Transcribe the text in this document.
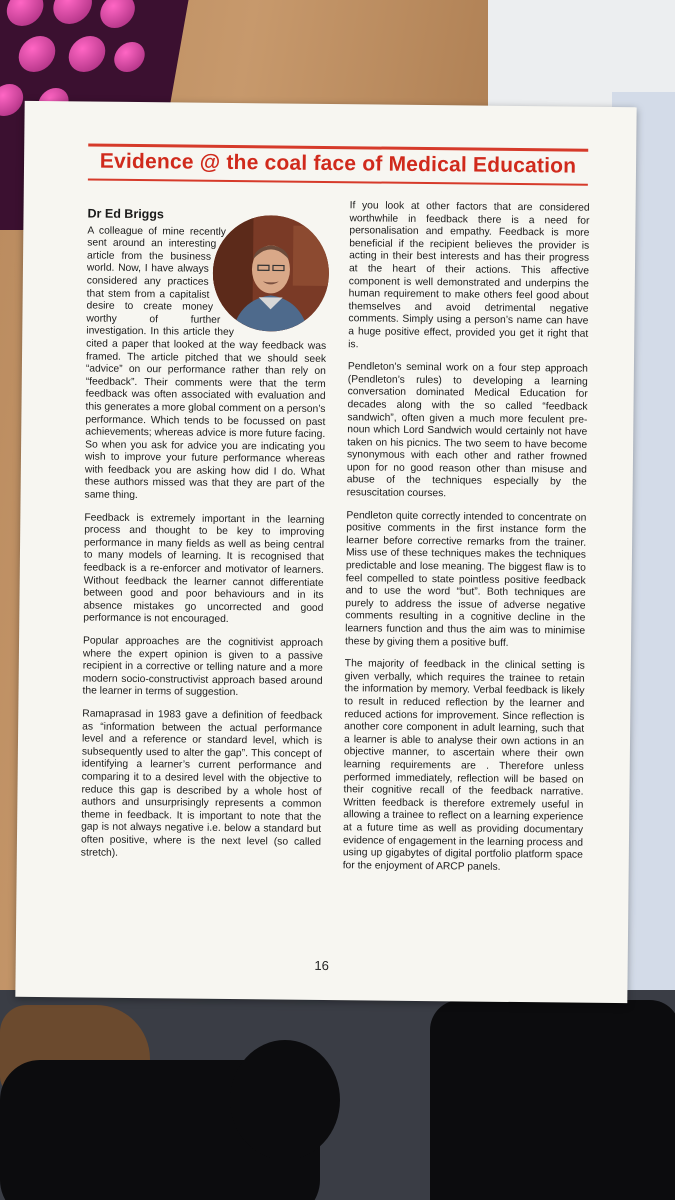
Evidence @ the coal face of Medical Education
Dr Ed Briggs

A colleague of mine recently sent around an interesting article from the business world. Now, I have always considered any practices that stem from a capitalist desire to create money worthy of further investigation. In this article they cited a paper that looked at the way feedback was framed. The article pitched that we should seek “advice” on our performance rather than rely on “feedback”. Their comments were that the term feedback was often associated with evaluation and this generates a more global comment on a person’s performance. Which tends to be focussed on past achievements; whereas advice is more future facing. So when you ask for advice you are indicating you wish to improve your future performance whereas with feedback you are asking how did I do. What these authors missed was that they are part of the same thing.

Feedback is extremely important in the learning process and thought to be key to improving performance in many fields as well as being central to many models of learning. It is recognised that feedback is a re-enforcer and motivator of learners. Without feedback the learner cannot differentiate between good and poor behaviours and in its absence mistakes go uncorrected and good performance is not encouraged.

Popular approaches are the cognitivist approach where the expert opinion is given to a passive recipient in a corrective or telling nature and a more modern socio-constructivist approach based around the learner in terms of suggestion.

Ramaprasad in 1983 gave a definition of feedback as “information between the actual performance level and a reference or standard level, which is subsequently used to alter the gap”. This concept of identifying a learner’s current performance and comparing it to a desired level with the objective to reduce this gap is described by a whole host of authors and unsurprisingly represents a common theme in feedback. It is important to note that the gap is not always negative i.e. below a standard but often positive, where is the next level (so called stretch).

If you look at other factors that are considered worthwhile in feedback there is a need for personalisation and empathy. Feedback is more beneficial if the recipient believes the provider is acting in their best interests and has their progress at the heart of their actions. This affective component is well demonstrated and underpins the human requirement to make others feel good about themselves and avoid detrimental negative comments. Simply using a person’s name can have a huge positive effect, provided you get it right that is.

Pendleton’s seminal work on a four step approach (Pendleton’s rules) to developing a learning conversation dominated Medical Education for decades along with the so called “feedback sandwich”, often given a much more feculent pre-noun which Lord Sandwich would certainly not have taken on his picnics. The two seem to have become synonymous with each other and rather frowned upon for no good reason other than misuse and abuse of the techniques especially by the resuscitation courses.

Pendleton quite correctly intended to concentrate on positive comments in the first instance form the learner before corrective remarks from the trainer. Miss use of these techniques makes the techniques predictable and lose meaning. The biggest flaw is to feel compelled to state pointless positive feedback and to use the word “but”. Both techniques are purely to address the issue of adverse negative comments resulting in a cognitive decline in the learners function and thus the aim was to minimise these by giving them a positive buff.

The majority of feedback in the clinical setting is given verbally, which requires the trainee to retain the information by memory. Verbal feedback is likely to result in reduced reflection by the learner and reduced actions for improvement. Since reflection is another core component in adult learning, such that a learner is able to analyse their own actions in an objective manner, to ascertain where their own learning requirements are . Therefore unless performed immediately, reflection will be based on their cognitive recall of the feedback narrative. Written feedback is therefore extremely useful in allowing a trainee to reflect on a learning experience at a future time as well as providing documentary evidence of engagement in the learning process and using up gigabytes of digital portfolio platform space for the enjoyment of ARCP panels.

16
